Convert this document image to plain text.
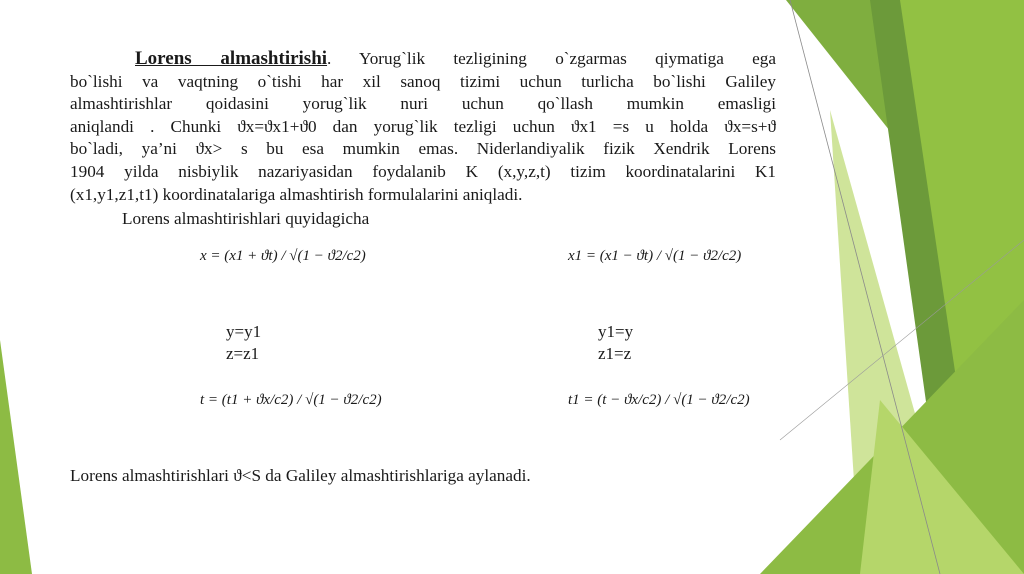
Lorens almashtirishi. Yorug`lik tezligining o`zgarmas qiymatiga ega
bo`lishi va vaqtning o`tishi har xil sanoq tizimi uchun turlicha bo`lishi Galiley
almashtirishlar qoidasini yorug`lik nuri uchun qo`llash mumkin emasligi
aniqlandi . Chunki ϑx=ϑx1+ϑ0 dan yorug`lik tezligi uchun ϑx1 =s u holda ϑx=s+ϑ
bo`ladi, ya’ni ϑx> s bu esa mumkin emas. Niderlandiyalik fizik Xendrik Lorens
1904 yilda nisbiylik nazariyasidan foydalanib K (x,y,z,t) tizim koordinatalarini K1
(x1,y1,z1,t1) koordinatalariga almashtirish formulalarini aniqladi.

Lorens almashtirishlari quyidagicha
x = (x1 + ϑt) / √(1 − ϑ2/c2)
y=y1
z=z1
t = (t1 + ϑx/c2) / √(1 − ϑ2/c2)
x1 = (x1 − ϑt) / √(1 − ϑ2/c2)
y1=y
z1=z
t1 = (t − ϑx/c2) / √(1 − ϑ2/c2)
Lorens almashtirishlari ϑ<S da Galiley almashtirishlariga aylanadi.
